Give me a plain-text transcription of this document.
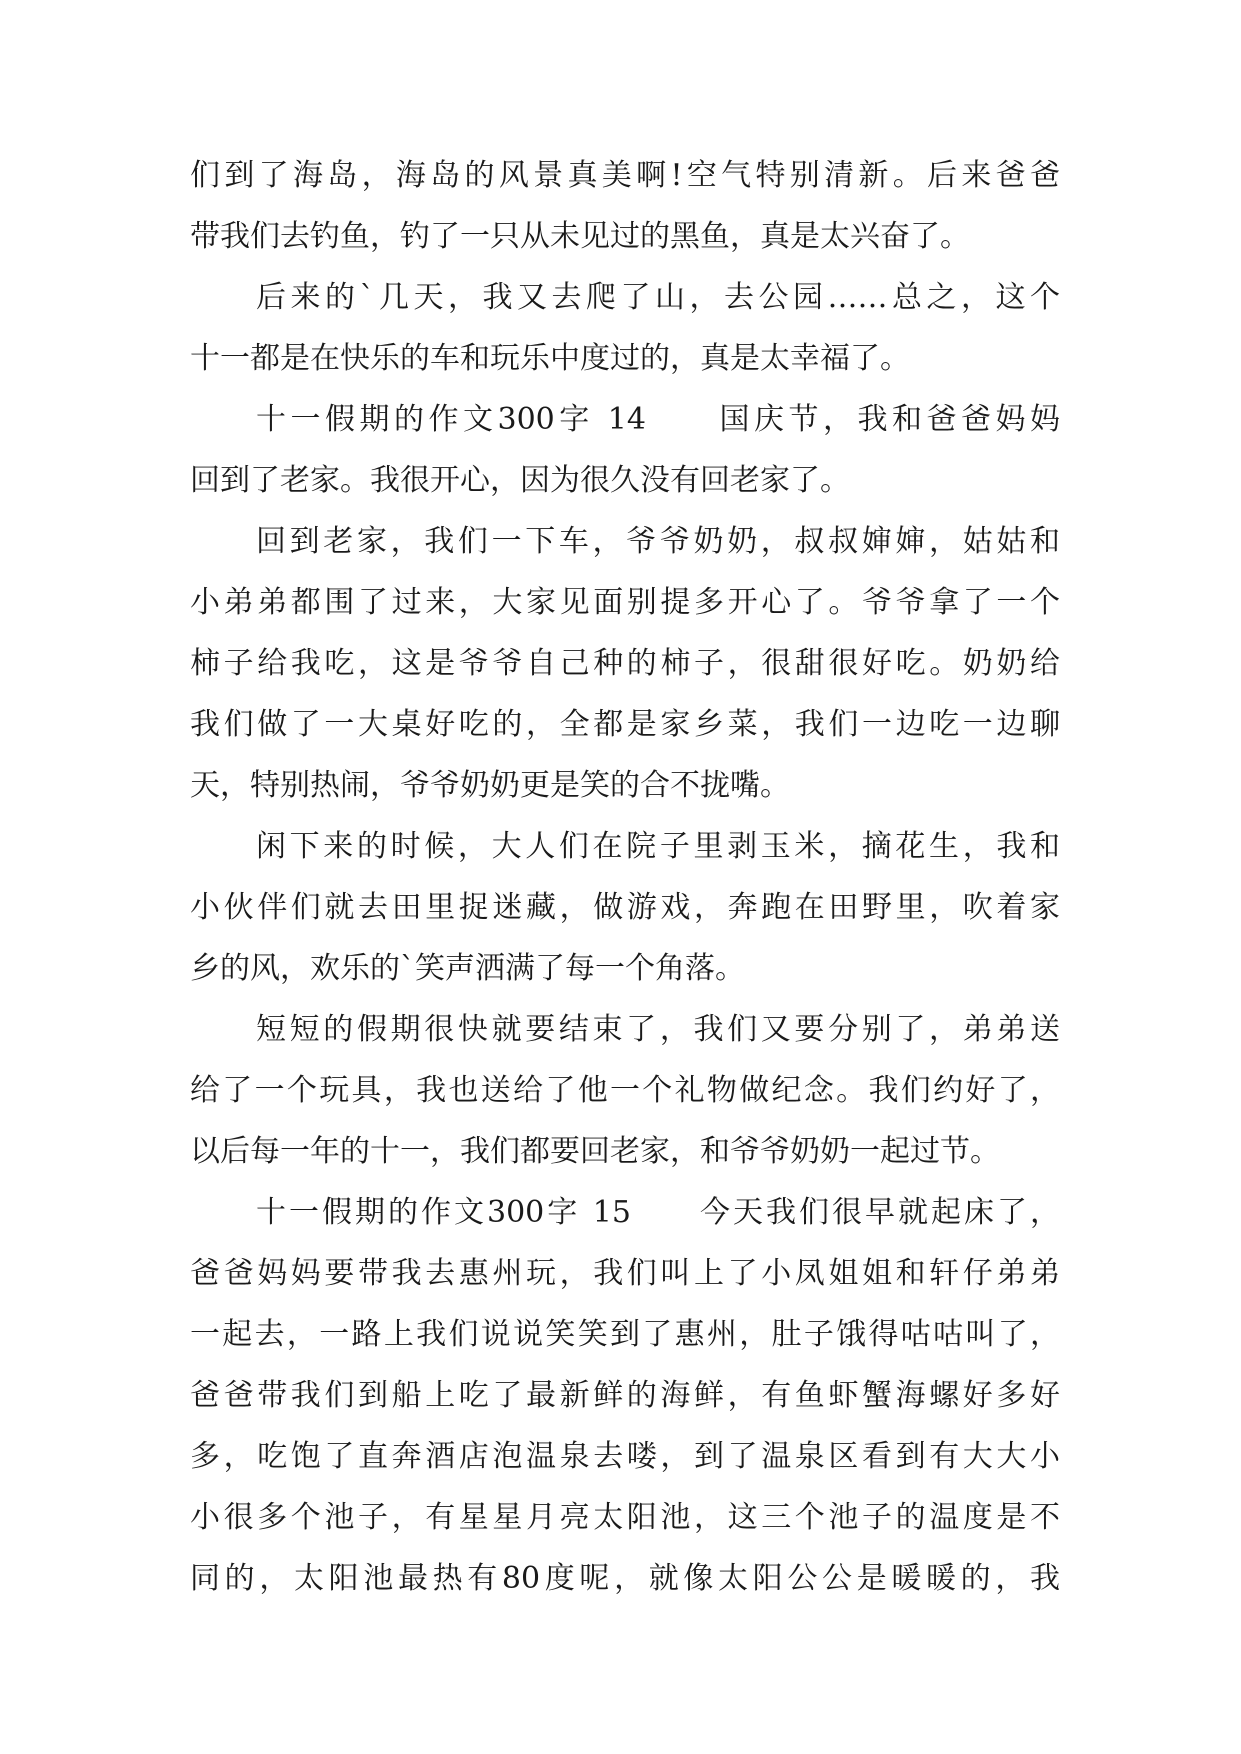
们到了海岛，海岛的风景真美啊!空气特别清新。后来爸爸
带我们去钓鱼，钓了一只从未见过的黑鱼，真是太兴奋了。
后来的`几天，我又去爬了山，去公园……总之，这个
十一都是在快乐的车和玩乐中度过的，真是太幸福了。
十一假期的作文300字 14　　国庆节，我和爸爸妈妈
回到了老家。我很开心，因为很久没有回老家了。
回到老家，我们一下车，爷爷奶奶，叔叔婶婶，姑姑和
小弟弟都围了过来，大家见面别提多开心了。爷爷拿了一个
柿子给我吃，这是爷爷自己种的柿子，很甜很好吃。奶奶给
我们做了一大桌好吃的，全都是家乡菜，我们一边吃一边聊
天，特别热闹，爷爷奶奶更是笑的合不拢嘴。
闲下来的时候，大人们在院子里剥玉米，摘花生，我和
小伙伴们就去田里捉迷藏，做游戏，奔跑在田野里，吹着家
乡的风，欢乐的`笑声洒满了每一个角落。
短短的假期很快就要结束了，我们又要分别了，弟弟送
给了一个玩具，我也送给了他一个礼物做纪念。我们约好了，
以后每一年的十一，我们都要回老家，和爷爷奶奶一起过节。
十一假期的作文300字 15　　今天我们很早就起床了，
爸爸妈妈要带我去惠州玩，我们叫上了小凤姐姐和轩仔弟弟
一起去，一路上我们说说笑笑到了惠州，肚子饿得咕咕叫了，
爸爸带我们到船上吃了最新鲜的海鲜，有鱼虾蟹海螺好多好
多，吃饱了直奔酒店泡温泉去喽，到了温泉区看到有大大小
小很多个池子，有星星月亮太阳池，这三个池子的温度是不
同的，太阳池最热有80度呢，就像太阳公公是暖暖的，我
